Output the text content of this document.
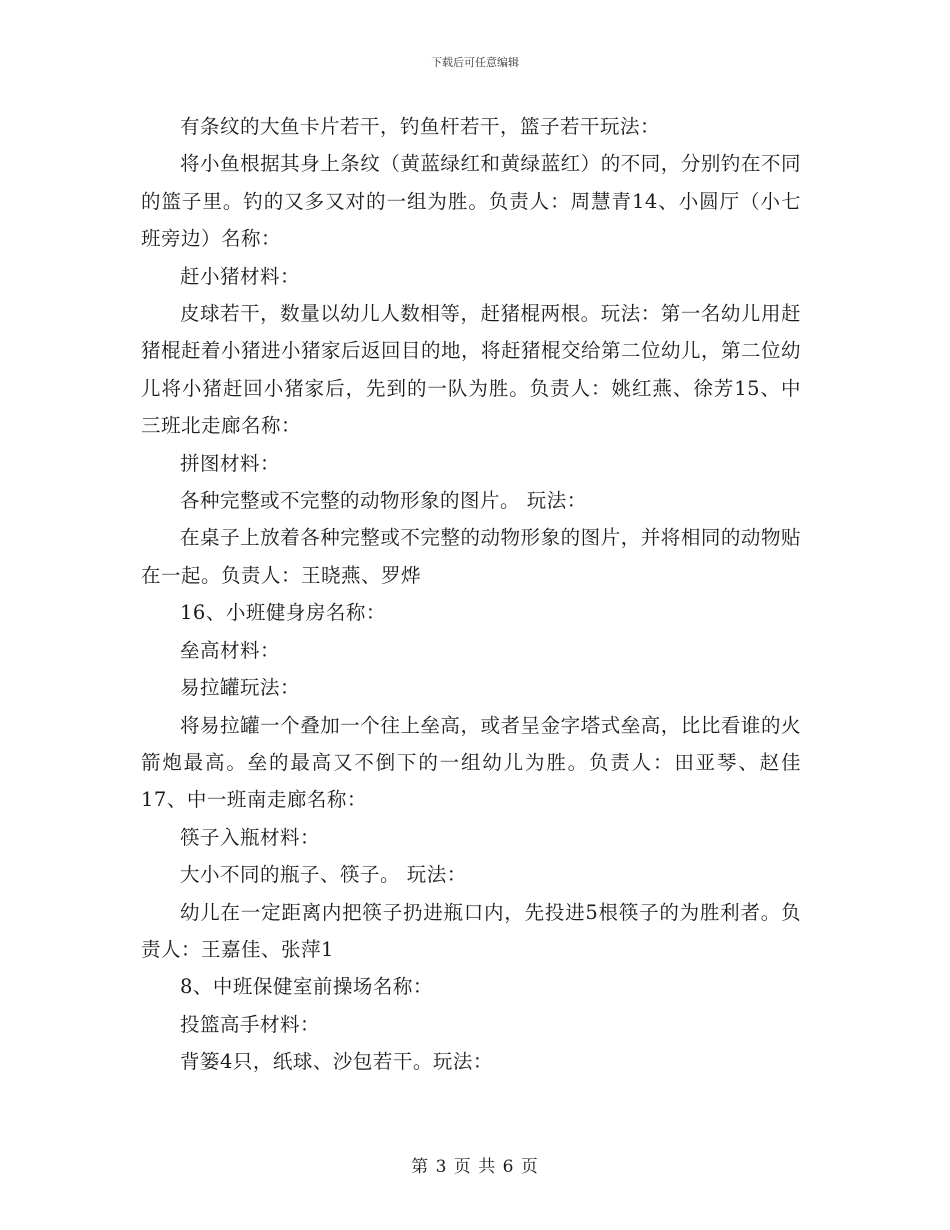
下载后可任意编辑

有条纹的大鱼卡片若干，钓鱼杆若干，篮子若干玩法：

将小鱼根据其身上条纹（黄蓝绿红和黄绿蓝红）的不同，分别钓在不同的篮子里。钓的又多又对的一组为胜。负责人：周慧青14、小圆厅（小七班旁边）名称：

赶小猪材料：

皮球若干，数量以幼儿人数相等，赶猪棍两根。玩法：第一名幼儿用赶猪棍赶着小猪进小猪家后返回目的地，将赶猪棍交给第二位幼儿，第二位幼儿将小猪赶回小猪家后，先到的一队为胜。负责人：姚红燕、徐芳15、中三班北走廊名称：

拼图材料：

各种完整或不完整的动物形象的图片。 玩法：

在桌子上放着各种完整或不完整的动物形象的图片，并将相同的动物贴在一起。负责人：王晓燕、罗烨

16、小班健身房名称：

垒高材料：

易拉罐玩法：

将易拉罐一个叠加一个往上垒高，或者呈金字塔式垒高，比比看谁的火箭炮最高。垒的最高又不倒下的一组幼儿为胜。负责人：田亚琴、赵佳17、中一班南走廊名称：

筷子入瓶材料：

大小不同的瓶子、筷子。 玩法：

幼儿在一定距离内把筷子扔进瓶口内，先投进5根筷子的为胜利者。负责人：王嘉佳、张萍1

8、中班保健室前操场名称：

投篮高手材料：

背篓4只，纸球、沙包若干。玩法：

第 3 页 共 6 页
